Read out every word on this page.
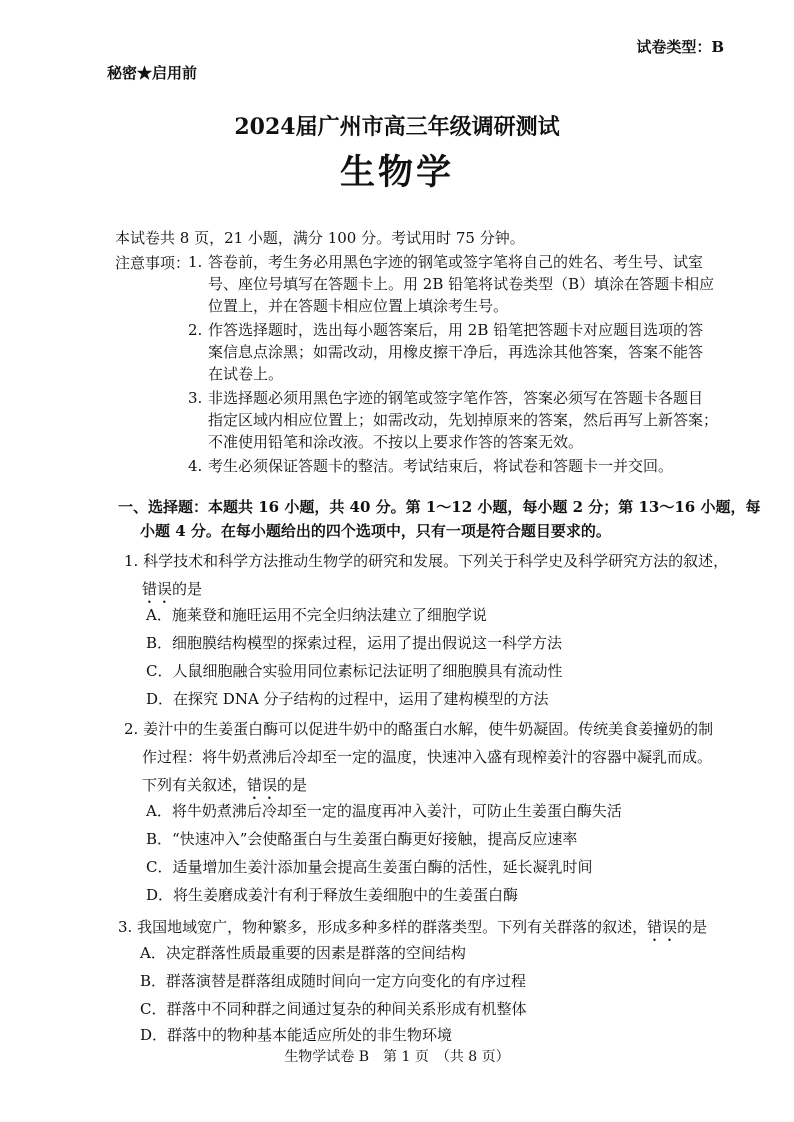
试卷类型：B
秘密★启用前
2024届广州市高三年级调研测试
生物学
本试卷共 8 页，21 小题，满分 100 分。考试用时 75 分钟。
注意事项：
1. 答卷前，考生务必用黑色字迹的钢笔或签字笔将自己的姓名、考生号、试室
号、座位号填写在答题卡上。用 2B 铅笔将试卷类型（B）填涂在答题卡相应
位置上，并在答题卡相应位置上填涂考生号。
2. 作答选择题时，选出每小题答案后，用 2B 铅笔把答题卡对应题目选项的答
案信息点涂黑；如需改动，用橡皮擦干净后，再选涂其他答案，答案不能答
在试卷上。
3. 非选择题必须用黑色字迹的钢笔或签字笔作答，答案必须写在答题卡各题目
指定区域内相应位置上；如需改动，先划掉原来的答案，然后再写上新答案；
不准使用铅笔和涂改液。不按以上要求作答的答案无效。
4. 考生必须保证答题卡的整洁。考试结束后，将试卷和答题卡一并交回。
一、选择题：本题共 16 小题，共 40 分。第 1～12 小题，每小题 2 分；第 13～16 小题，每
小题 4 分。在每小题给出的四个选项中，只有一项是符合题目要求的。
1. 科学技术和科学方法推动生物学的研究和发展。下列关于科学史及科学研究方法的叙述，
错误的是
A．施莱登和施旺运用不完全归纳法建立了细胞学说
B．细胞膜结构模型的探索过程，运用了提出假说这一科学方法
C．人鼠细胞融合实验用同位素标记法证明了细胞膜具有流动性
D．在探究 DNA 分子结构的过程中，运用了建构模型的方法
2. 姜汁中的生姜蛋白酶可以促进牛奶中的酪蛋白水解，使牛奶凝固。传统美食姜撞奶的制
作过程：将牛奶煮沸后冷却至一定的温度，快速冲入盛有现榨姜汁的容器中凝乳而成。
下列有关叙述，错误的是
A．将牛奶煮沸后冷却至一定的温度再冲入姜汁，可防止生姜蛋白酶失活
B．“快速冲入”会使酪蛋白与生姜蛋白酶更好接触，提高反应速率
C．适量增加生姜汁添加量会提高生姜蛋白酶的活性，延长凝乳时间
D．将生姜磨成姜汁有利于释放生姜细胞中的生姜蛋白酶
3. 我国地域宽广，物种繁多，形成多种多样的群落类型。下列有关群落的叙述，错误的是
A．决定群落性质最重要的因素是群落的空间结构
B．群落演替是群落组成随时间向一定方向变化的有序过程
C．群落中不同种群之间通过复杂的种间关系形成有机整体
D．群落中的物种基本能适应所处的非生物环境
生物学试卷 B　第 1 页　（共 8 页）
